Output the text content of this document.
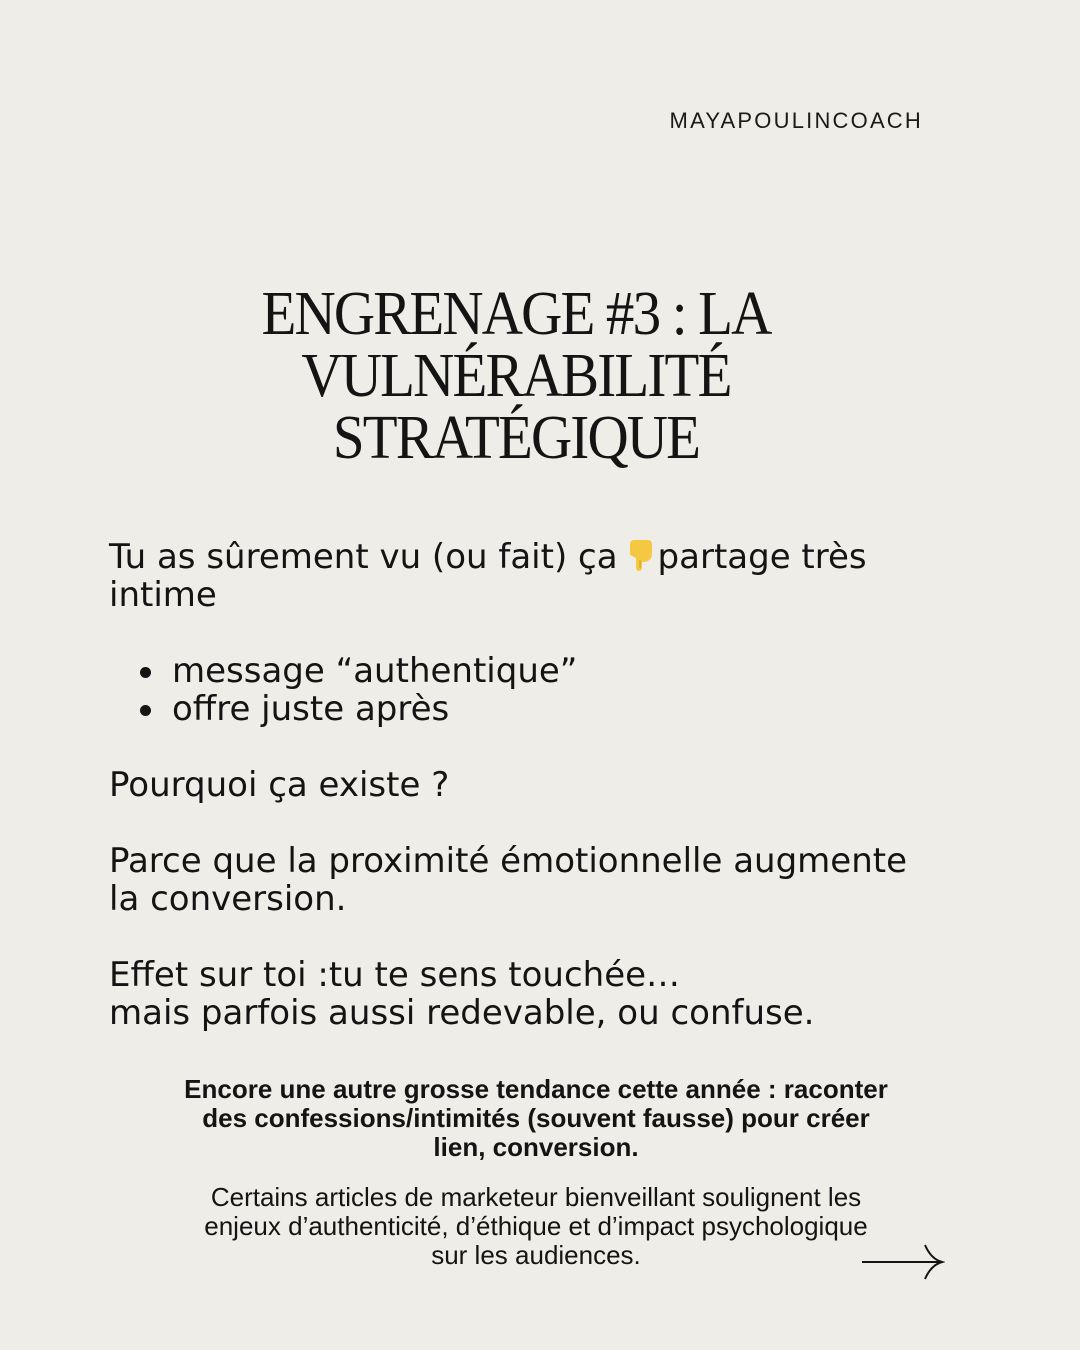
MAYAPOULINCOACH
ENGRENAGE #3 : LA
VULNÉRABILITÉ
STRATÉGIQUE
Tu as sûrement vu (ou fait) ça partage très
intime
message “authentique”
offre juste après
Pourquoi ça existe ?
Parce que la proximité émotionnelle augmente
la conversion.
Effet sur toi :tu te sens touchée…
mais parfois aussi redevable, ou confuse.
Encore une autre grosse tendance cette année : raconter
des confessions/intimités (souvent fausse) pour créer
lien, conversion.
Certains articles de marketeur bienveillant soulignent les
enjeux d’authenticité, d’éthique et d’impact psychologique
sur les audiences.
